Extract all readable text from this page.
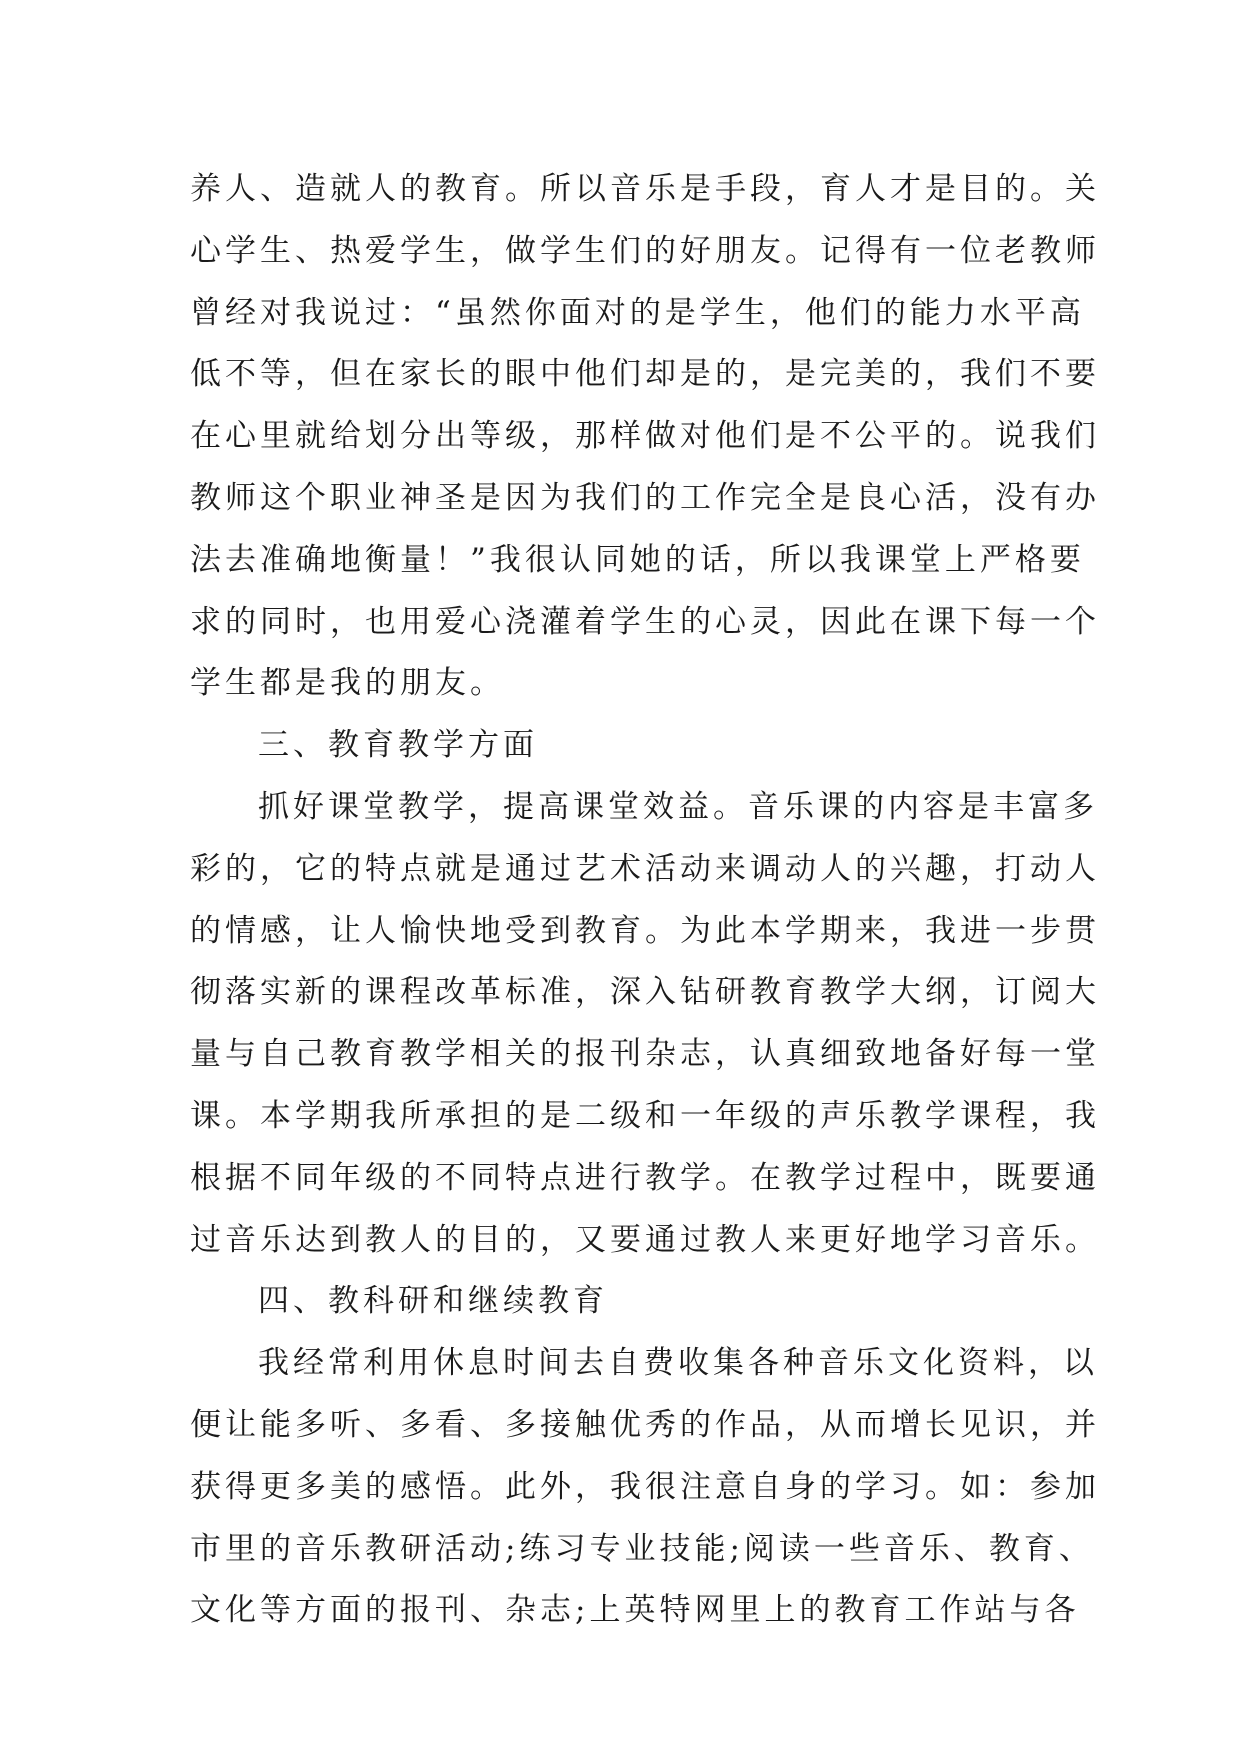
养人、造就人的教育。所以音乐是手段，育人才是目的。关
心学生、热爱学生，做学生们的好朋友。记得有一位老教师
曾经对我说过：“虽然你面对的是学生，他们的能力水平高
低不等，但在家长的眼中他们却是的，是完美的，我们不要
在心里就给划分出等级，那样做对他们是不公平的。说我们
教师这个职业神圣是因为我们的工作完全是良心活，没有办
法去准确地衡量！”我很认同她的话，所以我课堂上严格要
求的同时，也用爱心浇灌着学生的心灵，因此在课下每一个
学生都是我的朋友。
三、教育教学方面
抓好课堂教学，提高课堂效益。音乐课的内容是丰富多
彩的，它的特点就是通过艺术活动来调动人的兴趣，打动人
的情感，让人愉快地受到教育。为此本学期来，我进一步贯
彻落实新的课程改革标准，深入钻研教育教学大纲，订阅大
量与自己教育教学相关的报刊杂志，认真细致地备好每一堂
课。本学期我所承担的是二级和一年级的声乐教学课程，我
根据不同年级的不同特点进行教学。在教学过程中，既要通
过音乐达到教人的目的，又要通过教人来更好地学习音乐。
四、教科研和继续教育
我经常利用休息时间去自费收集各种音乐文化资料，以
便让能多听、多看、多接触优秀的作品，从而增长见识，并
获得更多美的感悟。此外，我很注意自身的学习。如：参加
市里的音乐教研活动;练习专业技能;阅读一些音乐、教育、
文化等方面的报刊、杂志;上英特网里上的教育工作站与各
